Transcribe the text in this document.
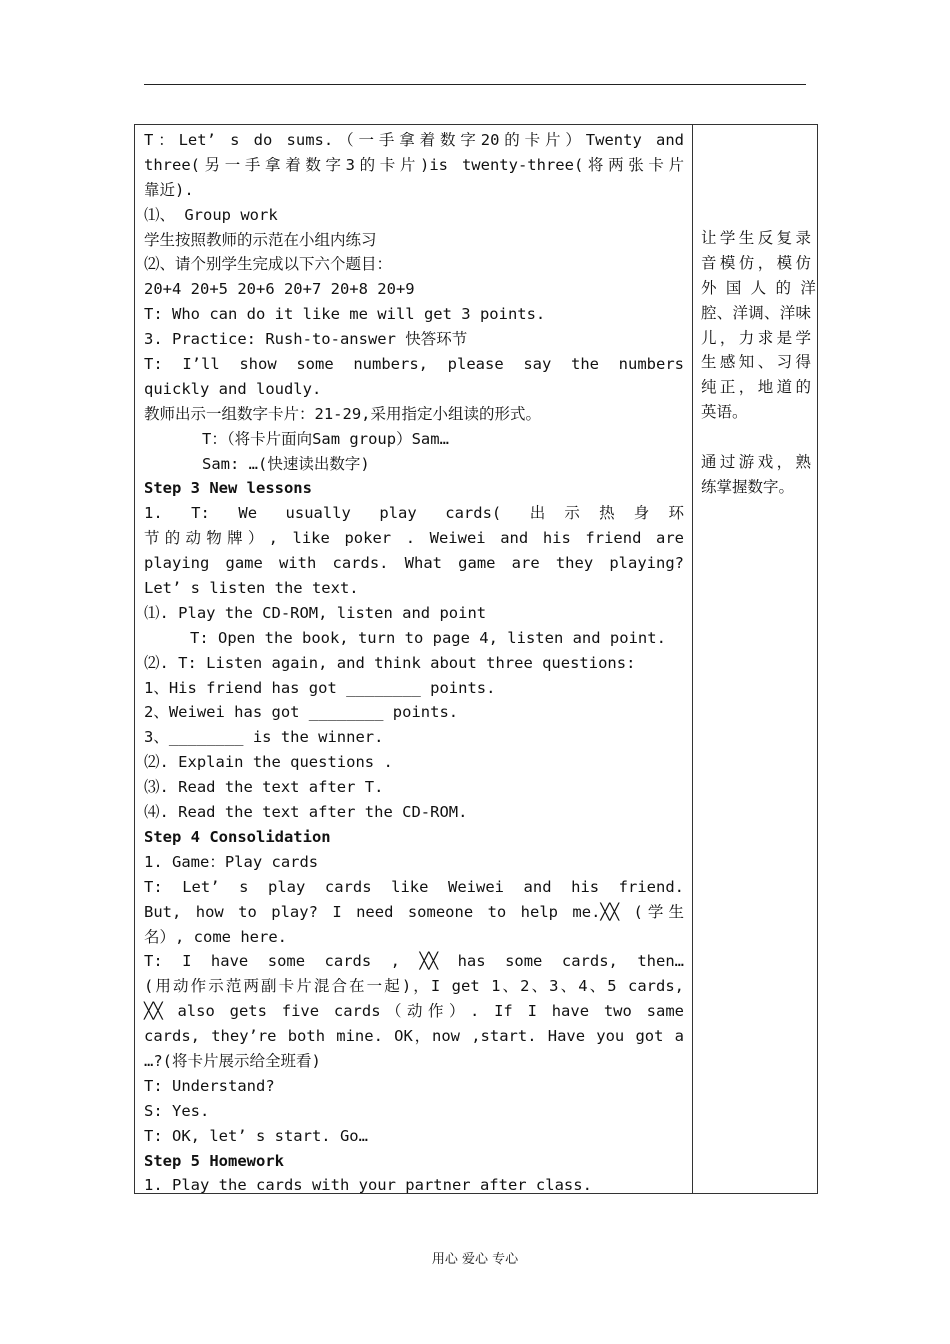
T：Let’ s do sums.（一手拿着数字20的卡片）Twenty and
three(另一手拿着数字3的卡片)is twenty-three(将两张卡片
靠近).
⑴、 Group work
学生按照教师的示范在小组内练习
⑵、请个别学生完成以下六个题目：
20+4 20+5 20+6 20+7 20+8 20+9
T: Who can do it like me will get 3 points.
3. Practice: Rush-to-answer 快答环节
T: I’ll show some numbers, please say the numbers
quickly and loudly.
教师出示一组数字卡片：21-29,采用指定小组读的形式。
T：（将卡片面向Sam group）Sam…
Sam: …(快速读出数字)
Step 3 New lessons
1. T: We usually play cards( 出示热身环
节的动物牌）, like poker . Weiwei and his friend are
playing game with cards. What game are they playing?
Let’ s listen the text.
⑴. Play the CD-ROM, listen and point
T: Open the book, turn to page 4, listen and point.
⑵. T: Listen again, and think about three questions:
1、His friend has got ________ points.
2、Weiwei has got ________ points.
3、________ is the winner.
⑵. Explain the questions .
⑶. Read the text after T.
⑷. Read the text after the CD-ROM.
Step 4 Consolidation
1. Game：Play cards
T: Let’ s play cards like Weiwei and his friend.
But, how to play? I need someone to help me.╳╳ (学生
名）, come here.
T: I have some cards , ╳╳ has some cards, then…
(用动作示范两副卡片混合在一起)，I get 1、2、3、4、5 cards,
╳╳ also gets five cards（动作）. If I have two same
cards, they’re both mine. OK，now ,start. Have you got a
…?(将卡片展示给全班看)
T: Understand?
S: Yes.
T: OK, let’ s start. Go…
Step 5 Homework
1. Play the cards with your partner after class.
让学生反复录
音模仿，模仿
外 国 人 的 洋
腔、洋调、洋味
儿，力求是学
生感知、习得
纯正，地道的
英语。
通过游戏，熟
练掌握数字。
用心 爱心 专心
